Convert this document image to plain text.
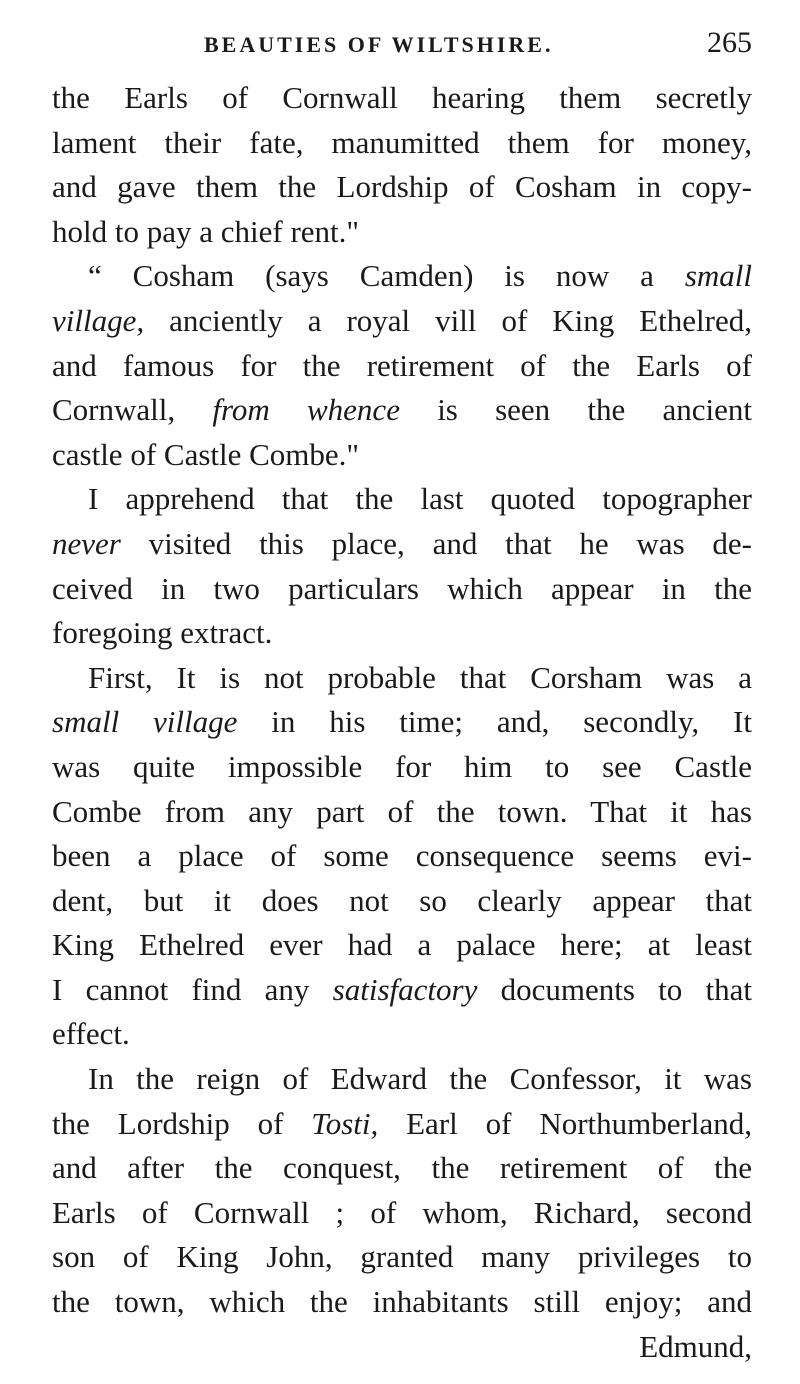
BEAUTIES OF WILTSHIRE.	265
the Earls of Cornwall hearing them secretly
lament their fate, manumitted them for money,
and gave them the Lordship of Cosham in copy-
hold to pay a chief rent."
“ Cosham (says Camden) is now a small
village, anciently a royal vill of King Ethelred,
and famous for the retirement of the Earls of
Cornwall, from whence is seen the ancient
castle of Castle Combe."
I apprehend that the last quoted topographer
never visited this place, and that he was de-
ceived in two particulars which appear in the
foregoing extract.
First, It is not probable that Corsham was a
small village in his time; and, secondly, It
was quite impossible for him to see Castle
Combe from any part of the town. That it has
been a place of some consequence seems evi-
dent, but it does not so clearly appear that
King Ethelred ever had a palace here; at least
I cannot find any satisfactory documents to that
effect.
In the reign of Edward the Confessor, it was
the Lordship of Tosti, Earl of Northumberland,
and after the conquest, the retirement of the
Earls of Cornwall ; of whom, Richard, second
son of King John, granted many privileges to
the town, which the inhabitants still enjoy; and
Edmund,
